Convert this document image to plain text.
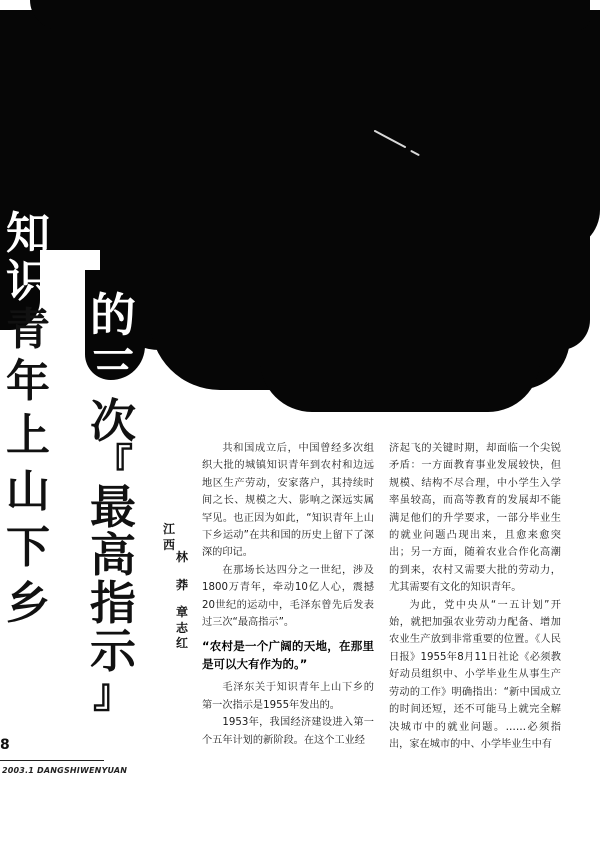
知
识
青
年
上
山
下
乡
的
三
次
『
最
高
指
示
』
江
西
林
莽
章
志
红

共和国成立后，中国曾经多次组织大批的城镇知识青年到农村和边远地区生产劳动，安家落户，其持续时间之长、规模之大、影响之深远实属罕见。也正因为如此，“知识青年上山下乡运动”在共和国的历史上留下了深深的印记。

在那场长达四分之一世纪，涉及1800万青年，牵动10亿人心，震撼20世纪的运动中，毛泽东曾先后发表过三次“最高指示”。

“农村是一个广阔的天地，在那里是可以大有作为的。”

毛泽东关于知识青年上山下乡的第一次指示是1955年发出的。

1953年，我国经济建设进入第一个五年计划的新阶段。在这个工业经

济起飞的关键时期，却面临一个尖锐矛盾：一方面教育事业发展较快，但规模、结构不尽合理，中小学生入学率虽较高，而高等教育的发展却不能满足他们的升学要求，一部分毕业生的就业问题凸现出来，且愈来愈突出；另一方面，随着农业合作化高潮的到来，农村又需要大批的劳动力，尤其需要有文化的知识青年。

为此，党中央从“一五计划”开始，就把加强农业劳动力配备、增加农业生产放到非常重要的位置。《人民日报》1955年8月11日社论《必须教好动员组织中、小学毕业生从事生产劳动的工作》明确指出：“新中国成立的时间还短，还不可能马上就完全解决城市中的就业问题。……必须指出，家在城市的中、小学毕业生中有

8
2003.1 DANGSHIWENYUAN
